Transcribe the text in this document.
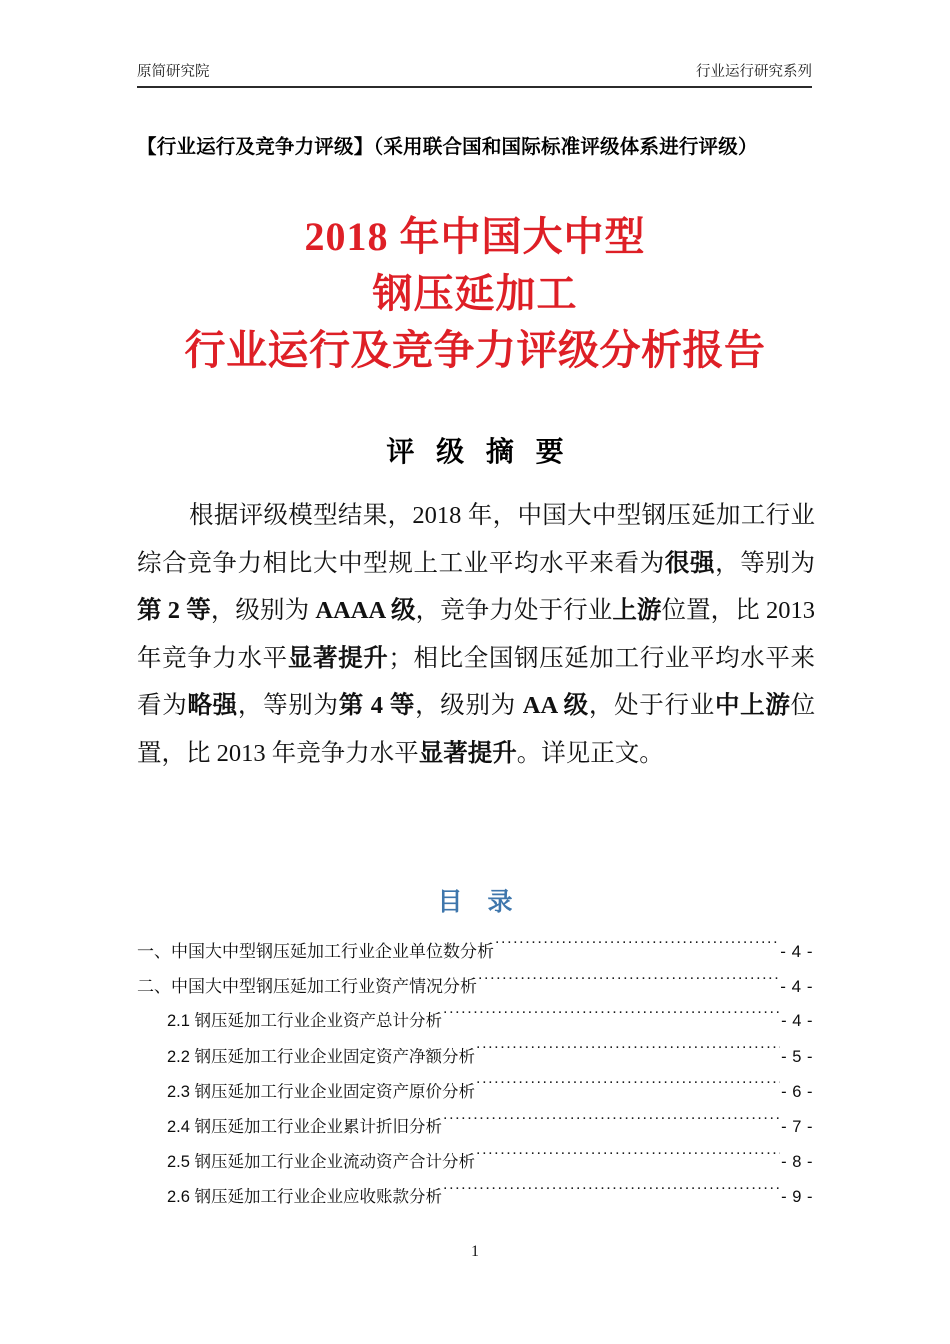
原简研究院	行业运行研究系列
【行业运行及竞争力评级】（采用联合国和国际标准评级体系进行评级）
2018 年中国大中型
钢压延加工
行业运行及竞争力评级分析报告
评 级 摘 要
根据评级模型结果，2018 年，中国大中型钢压延加工行业综合竞争力相比大中型规上工业平均水平来看为很强，等别为第 2 等，级别为 AAAA 级，竞争力处于行业上游位置，比 2013 年竞争力水平显著提升；相比全国钢压延加工行业平均水平来看为略强，等别为第 4 等，级别为 AA 级，处于行业中上游位置，比 2013 年竞争力水平显著提升。详见正文。
目 录
一、中国大中型钢压延加工行业企业单位数分析 .....	- 4 -
二、中国大中型钢压延加工行业资产情况分析 .....	- 4 -
2.1 钢压延加工行业企业资产总计分析 .....	- 4 -
2.2 钢压延加工行业企业固定资产净额分析 .....	- 5 -
2.3 钢压延加工行业企业固定资产原价分析 .....	- 6 -
2.4 钢压延加工行业企业累计折旧分析 .....	- 7 -
2.5 钢压延加工行业企业流动资产合计分析 .....	- 8 -
2.6 钢压延加工行业企业应收账款分析 .....	- 9 -
1
